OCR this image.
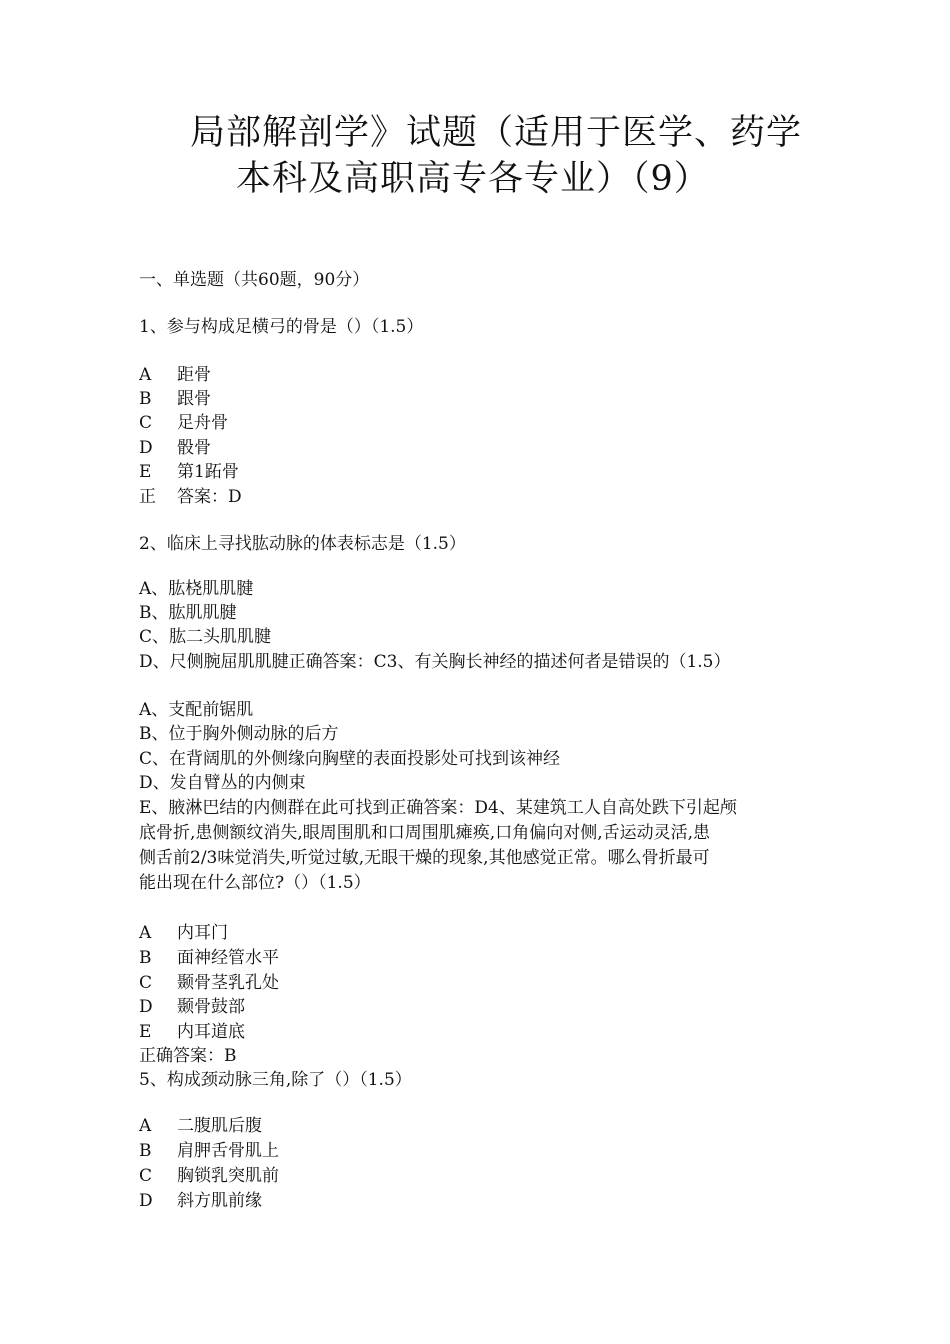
局部解剖学》试题（适用于医学、药学
本科及高职高专各专业）（9）
一、单选题（共60题，90分）
1、参与构成足横弓的骨是（）（1.5）
A 距骨
B 跟骨
C 足舟骨
D 骰骨
E 第1跖骨
正 答案：D
2、临床上寻找肱动脉的体表标志是（1.5）
A、肱桡肌肌腱
B、肱肌肌腱
C、肱二头肌肌腱
D、尺侧腕屈肌肌腱正确答案：C3、有关胸长神经的描述何者是错误的（1.5）
A、支配前锯肌
B、位于胸外侧动脉的后方
C、在背阔肌的外侧缘向胸壁的表面投影处可找到该神经
D、发自臂丛的内侧束
E、腋淋巴结的内侧群在此可找到正确答案：D4、某建筑工人自高处跌下引起颅
底骨折,患侧额纹消失,眼周围肌和口周围肌瘫痪,口角偏向对侧,舌运动灵活,患
侧舌前2/3味觉消失,听觉过敏,无眼干燥的现象,其他感觉正常。哪么骨折最可
能出现在什么部位?（）（1.5）
A 内耳门
B 面神经管水平
C 颞骨茎乳孔处
D 颞骨鼓部
E 内耳道底
正确答案：B
5、构成颈动脉三角,除了（）（1.5）
A 二腹肌后腹
B 肩胛舌骨肌上
C 胸锁乳突肌前
D 斜方肌前缘
